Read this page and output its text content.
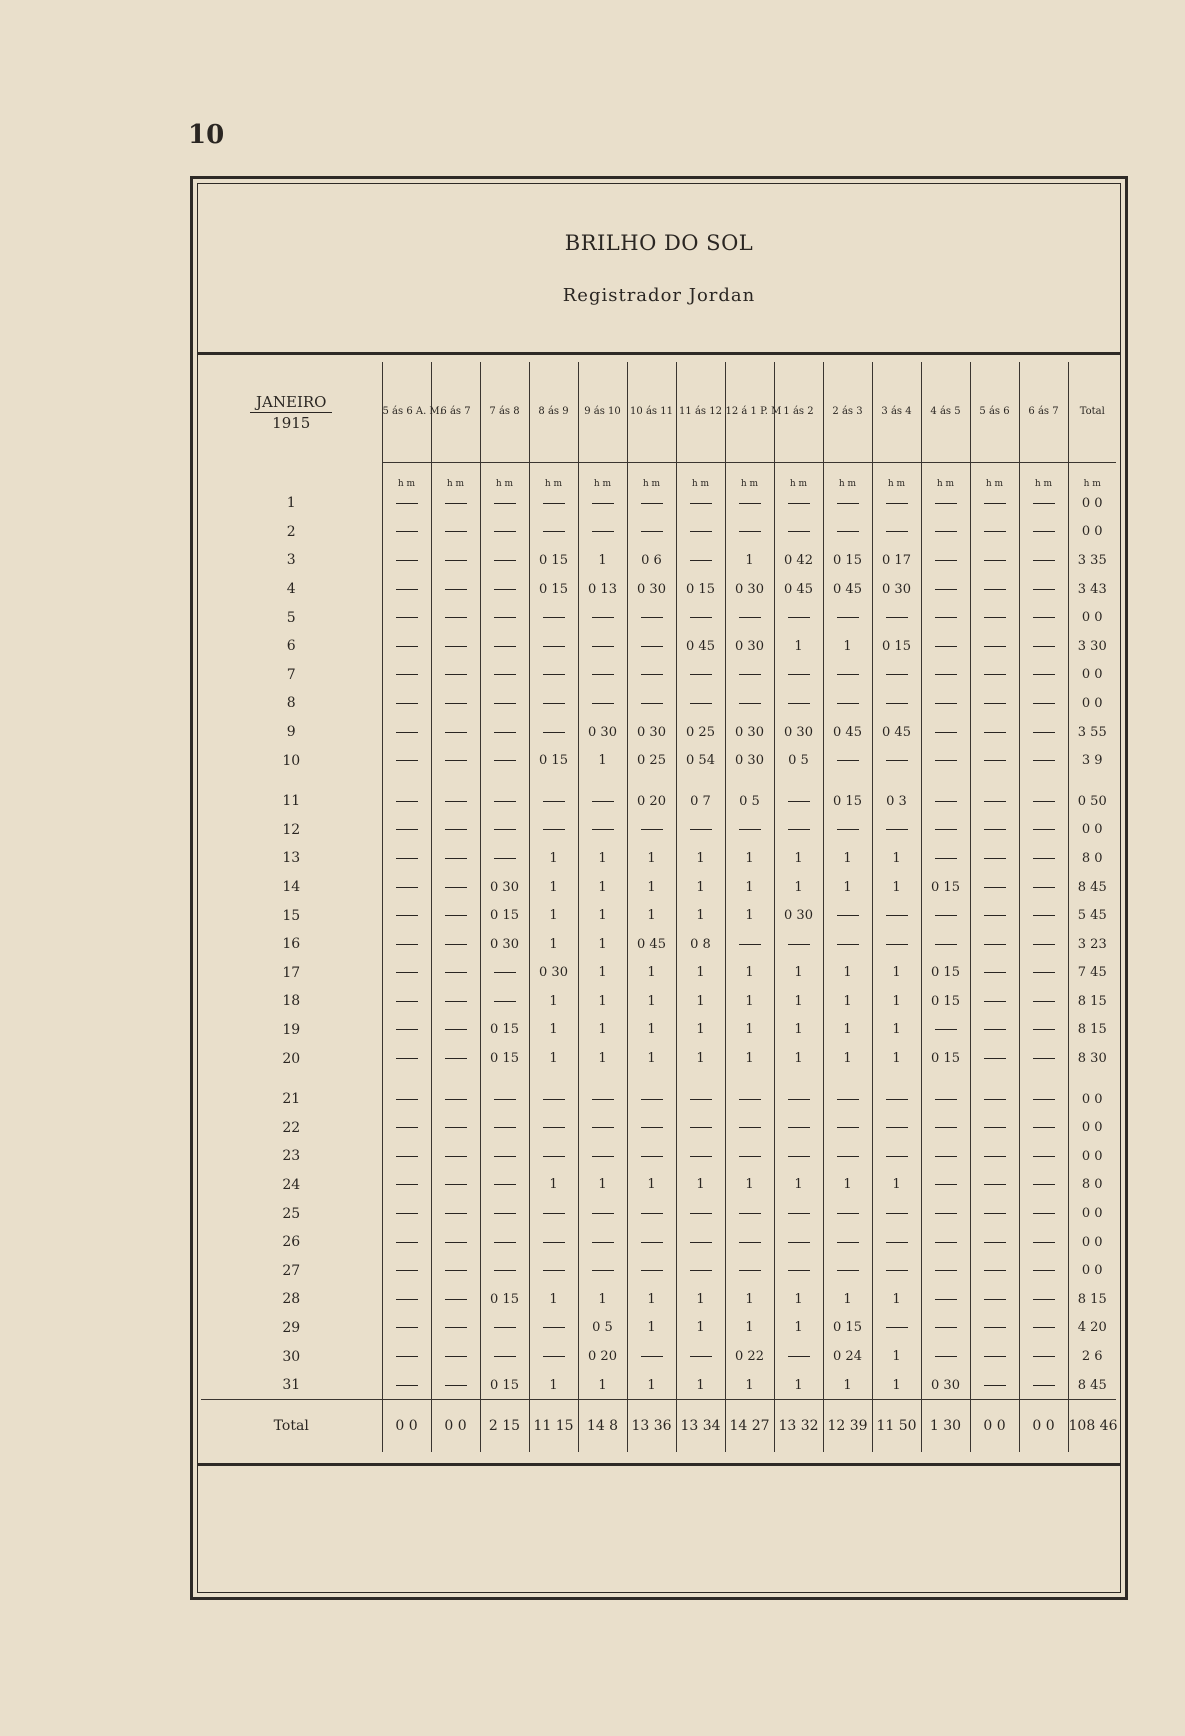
10
BRILHO DO SOL
Registrador Jordan
JANEIRO
1915	5 ás 6 A. M.	6 ás 7	7 ás 8	8 ás 9	9 ás 10	10 ás 11	11 ás 12	12 á 1 P. M	1 ás 2	2 ás 3	3 ás 4	4 ás 5	5 ás 6	6 ás 7	Total
	h m	h m	h m	h m	h m	h m	h m	h m	h m	h m	h m	h m	h m	h m	h m
1															0 0
2															0 0
3				0 15	1	0 6		1	0 42	0 15	0 17				3 35
4				0 15	0 13	0 30	0 15	0 30	0 45	0 45	0 30				3 43
5															0 0
6							0 45	0 30	1	1	0 15				3 30
7															0 0
8															0 0
9					0 30	0 30	0 25	0 30	0 30	0 45	0 45				3 55
10				0 15	1	0 25	0 54	0 30	0 5						3 9

11						0 20	0 7	0 5		0 15	0 3				0 50
12															0 0
13				1	1	1	1	1	1	1	1				8 0
14			0 30	1	1	1	1	1	1	1	1	0 15			8 45
15			0 15	1	1	1	1	1	0 30						5 45
16			0 30	1	1	0 45	0 8								3 23
17				0 30	1	1	1	1	1	1	1	0 15			7 45
18				1	1	1	1	1	1	1	1	0 15			8 15
19			0 15	1	1	1	1	1	1	1	1				8 15
20			0 15	1	1	1	1	1	1	1	1	0 15			8 30

21															0 0
22															0 0
23															0 0
24				1	1	1	1	1	1	1	1				8 0
25															0 0
26															0 0
27															0 0
28			0 15	1	1	1	1	1	1	1	1				8 15
29					0 5	1	1	1	1	0 15					4 20
30					0 20			0 22		0 24	1				2 6
31			0 15	1	1	1	1	1	1	1	1	0 30			8 45
Total	0 0	0 0	2 15	11 15	14 8	13 36	13 34	14 27	13 32	12 39	11 50	1 30	0 0	0 0	108 46
